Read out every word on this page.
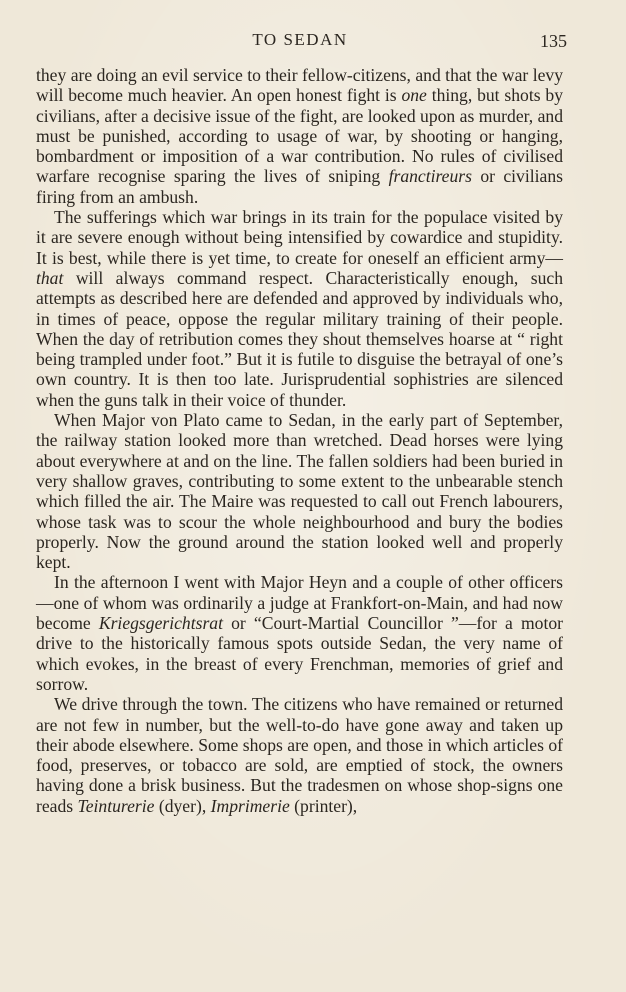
TO SEDAN	135

they are doing an evil service to their fellow-citizens, and that the war levy will become much heavier. An open honest fight is one thing, but shots by civilians, after a decisive issue of the fight, are looked upon as murder, and must be punished, according to usage of war, by shooting or hanging, bombardment or imposition of a war contribution. No rules of civilised warfare recognise sparing the lives of sniping franctireurs or civilians firing from an ambush.

The sufferings which war brings in its train for the populace visited by it are severe enough without being intensified by cowardice and stupidity. It is best, while there is yet time, to create for oneself an efficient army—that will always command respect. Characteristically enough, such attempts as described here are defended and approved by individuals who, in times of peace, oppose the regular military training of their people. When the day of retribution comes they shout themselves hoarse at “ right being trampled under foot.” But it is futile to disguise the betrayal of one’s own country. It is then too late. Jurisprudential sophistries are silenced when the guns talk in their voice of thunder.

When Major von Plato came to Sedan, in the early part of September, the railway station looked more than wretched. Dead horses were lying about everywhere at and on the line. The fallen soldiers had been buried in very shallow graves, contributing to some extent to the unbearable stench which filled the air. The Maire was requested to call out French labourers, whose task was to scour the whole neighbourhood and bury the bodies properly. Now the ground around the station looked well and properly kept.

In the afternoon I went with Major Heyn and a couple of other officers—one of whom was ordinarily a judge at Frankfort-on-Main, and had now become Kriegsgerichtsrat or “Court-Martial Councillor ”—for a motor drive to the historically famous spots outside Sedan, the very name of which evokes, in the breast of every Frenchman, memories of grief and sorrow.

We drive through the town. The citizens who have remained or returned are not few in number, but the well-to-do have gone away and taken up their abode elsewhere. Some shops are open, and those in which articles of food, preserves, or tobacco are sold, are emptied of stock, the owners having done a brisk business. But the tradesmen on whose shop-signs one reads Teinturerie (dyer), Imprimerie (printer),
